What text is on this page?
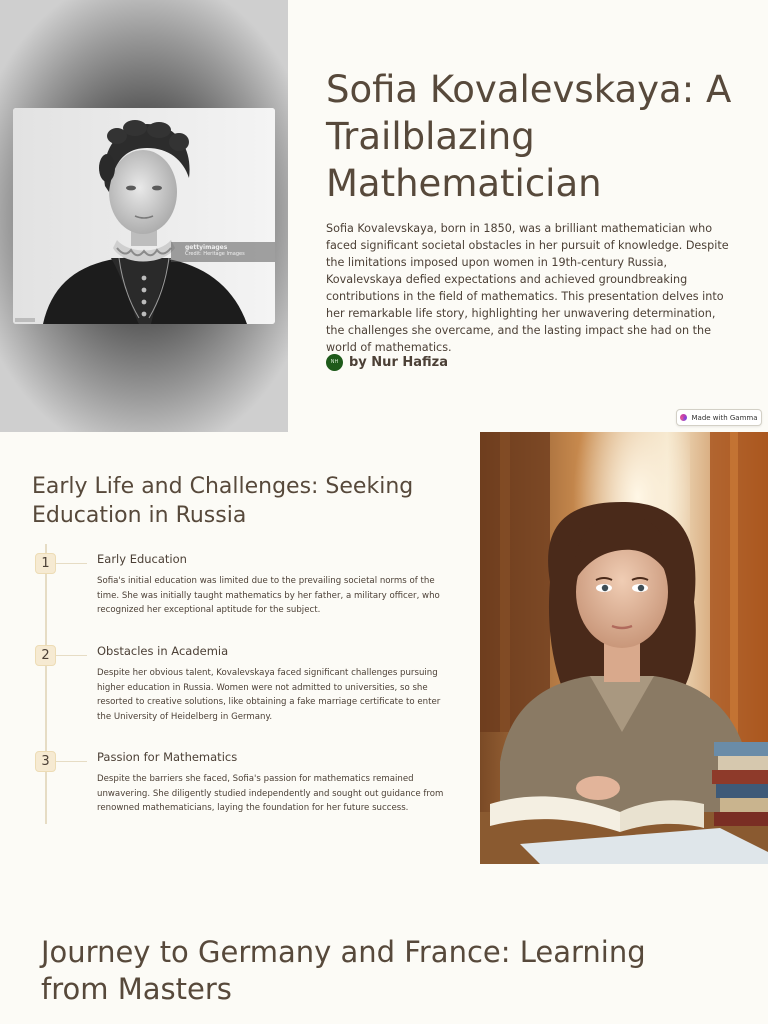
gettyimages
Credit: Heritage Images
Sofia Kovalevskaya: A Trailblazing Mathematician

Sofia Kovalevskaya, born in 1850, was a brilliant mathematician who faced significant societal obstacles in her pursuit of knowledge. Despite the limitations imposed upon women in 19th-century Russia, Kovalevskaya defied expectations and achieved groundbreaking contributions in the field of mathematics. This presentation delves into her remarkable life story, highlighting her unwavering determination, the challenges she overcame, and the lasting impact she had on the world of mathematics.

NH by Nur Hafiza
Made with Gamma
Early Life and Challenges: Seeking Education in Russia
1	Early Education
Sofia's initial education was limited due to the prevailing societal norms of the time. She was initially taught mathematics by her father, a military officer, who recognized her exceptional aptitude for the subject.
2	Obstacles in Academia
Despite her obvious talent, Kovalevskaya faced significant challenges pursuing higher education in Russia. Women were not admitted to universities, so she resorted to creative solutions, like obtaining a fake marriage certificate to enter the University of Heidelberg in Germany.
3	Passion for Mathematics
Despite the barriers she faced, Sofia's passion for mathematics remained unwavering. She diligently studied independently and sought out guidance from renowned mathematicians, laying the foundation for her future success.
Journey to Germany and France: Learning from Masters
